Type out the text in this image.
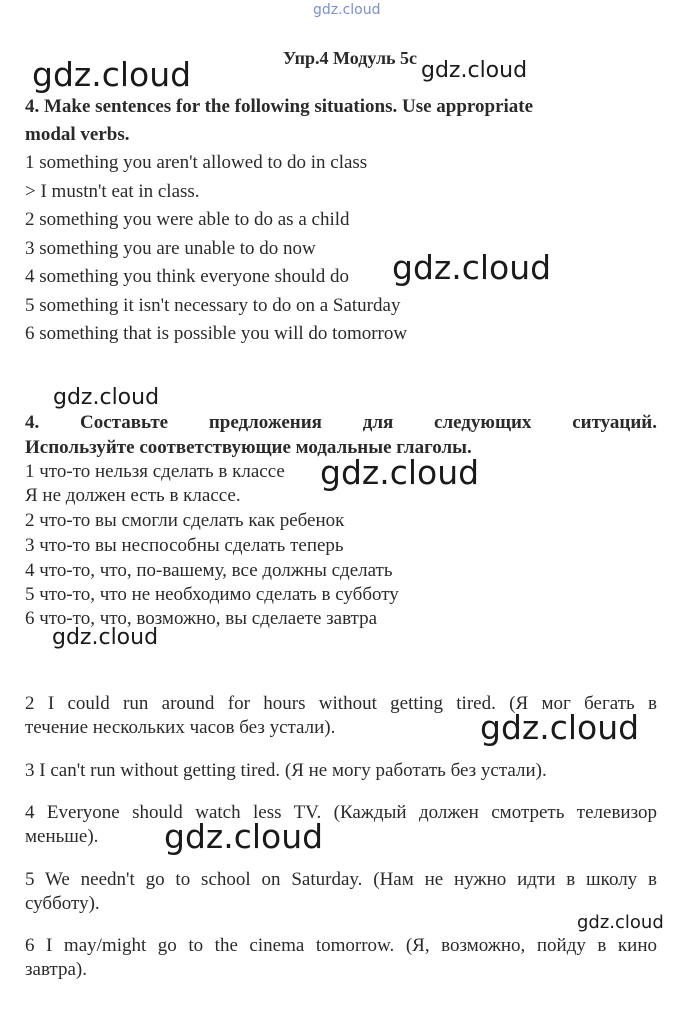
gdz.cloud
gdz.cloud	gdz.cloud
gdz.cloud
gdz.cloud
gdz.cloud
gdz.cloud
gdz.cloud
gdz.cloud
gdz.cloud
Упр.4 Модуль 5c
4. Make sentences for the following situations. Use appropriate
modal verbs.
1 something you aren't allowed to do in class
> I mustn't eat in class.
2 something you were able to do as a child
3 something you are unable to do now
4 something you think everyone should do
5 something it isn't necessary to do on a Saturday
6 something that is possible you will do tomorrow
4. Составьте предложения для следующих ситуаций.
Используйте соответствующие модальные глаголы.
1 что-то нельзя сделать в классе
Я не должен есть в классе.
2 что-то вы смогли сделать как ребенок
3 что-то вы неспособны сделать теперь
4 что-то, что, по-вашему, все должны сделать
5 что-то, что не необходимо сделать в субботу
6 что-то, что, возможно, вы сделаете завтра
2 I could run around for hours without getting tired. (Я мог бегать в
течение нескольких часов без устали).
3 I can't run without getting tired. (Я не могу работать без устали).
4 Everyone should watch less TV. (Каждый должен смотреть телевизор
меньше).
5 We needn't go to school on Saturday. (Нам не нужно идти в школу в
субботу).
6 I may/might go to the cinema tomorrow. (Я, возможно, пойду в кино
завтра).
